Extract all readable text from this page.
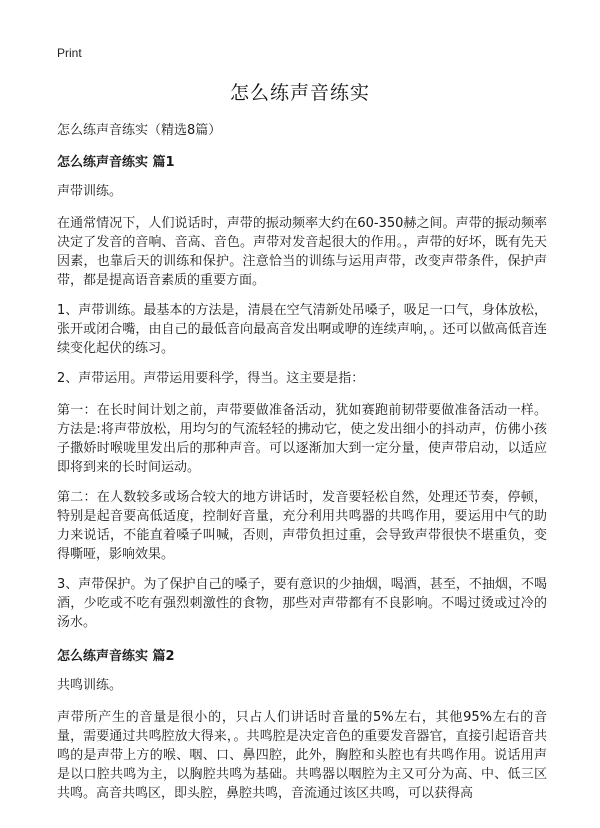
Print
怎么练声音练实

怎么练声音练实（精选8篇）

怎么练声音练实 篇1

声带训练。

在通常情况下，人们说话时，声带的振动频率大约在60-350赫之间。声带的振动频率决定了发音的音响、音高、音色。声带对发音起很大的作用。，声带的好坏，既有先天因素，也靠后天的训练和保护。注意恰当的训练与运用声带，改变声带条件，保护声带，都是提高语音素质的重要方面。

1、声带训练。最基本的方法是，清晨在空气清新处吊嗓子，吸足一口气，身体放松，张开或闭合嘴，由自己的最低音向最高音发出啊或咿的连续声响，。还可以做高低音连续变化起伏的练习。

2、声带运用。声带运用要科学，得当。这主要是指：

第一：在长时间计划之前，声带要做准备活动，犹如赛跑前韧带要做准备活动一样。方法是:将声带放松，用均匀的气流轻轻的拂动它，使之发出细小的抖动声，仿佛小孩子撒娇时喉咙里发出后的那种声音。可以逐渐加大到一定分量，使声带启动，以适应即将到来的长时间运动。

第二：在人数较多或场合较大的地方讲话时，发音要轻松自然，处理还节奏，停顿，特别是起音要高低适度，控制好音量，充分利用共鸣器的共鸣作用，要运用中气的助力来说话，不能直着嗓子叫喊，否则，声带负担过重，会导致声带很快不堪重负，变得嘶哑，影响效果。

3、声带保护。为了保护自己的嗓子，要有意识的少抽烟，喝酒，甚至，不抽烟，不喝酒，少吃或不吃有强烈刺激性的食物，那些对声带都有不良影响。不喝过烫或过冷的汤水。

怎么练声音练实 篇2

共鸣训练。

声带所产生的音量是很小的，只占人们讲话时音量的5%左右，其他95%左右的音量，需要通过共鸣腔放大得来，。共鸣腔是决定音色的重要发音器官，直接引起语音共鸣的是声带上方的喉、咽、口、鼻四腔，此外，胸腔和头腔也有共鸣作用。说话用声是以口腔共鸣为主，以胸腔共鸣为基础。共鸣器以咽腔为主又可分为高、中、低三区共鸣。高音共鸣区，即头腔，鼻腔共鸣，音流通过该区共鸣，可以获得高
